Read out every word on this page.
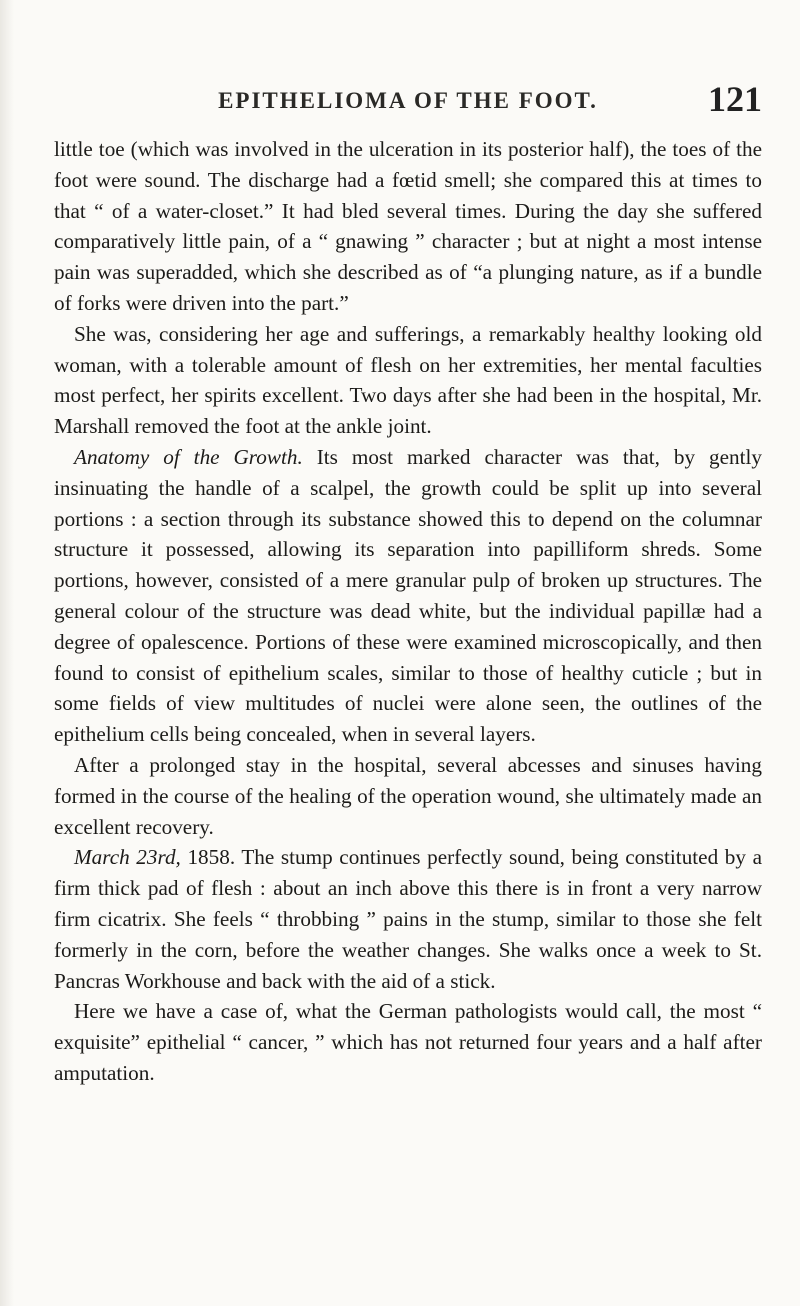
EPITHELIOMA OF THE FOOT.	121

little toe (which was involved in the ulceration in its posterior half), the toes of the foot were sound. The discharge had a fœtid smell; she compared this at times to that “ of a water-closet.” It had bled several times. During the day she suffered comparatively little pain, of a “ gnawing ” character ; but at night a most intense pain was superadded, which she described as of “a plunging nature, as if a bundle of forks were driven into the part.”

She was, considering her age and sufferings, a remarkably healthy looking old woman, with a tolerable amount of flesh on her extremities, her mental faculties most perfect, her spirits excellent. Two days after she had been in the hospital, Mr. Marshall removed the foot at the ankle joint.

Anatomy of the Growth. Its most marked character was that, by gently insinuating the handle of a scalpel, the growth could be split up into several portions : a section through its substance showed this to depend on the columnar structure it possessed, allowing its separation into papilliform shreds. Some portions, however, consisted of a mere granular pulp of broken up structures. The general colour of the structure was dead white, but the individual papillæ had a degree of opalescence. Portions of these were examined microscopically, and then found to consist of epithelium scales, similar to those of healthy cuticle ; but in some fields of view multitudes of nuclei were alone seen, the outlines of the epithelium cells being concealed, when in several layers.

After a prolonged stay in the hospital, several abcesses and sinuses having formed in the course of the healing of the operation wound, she ultimately made an excellent recovery.

March 23rd, 1858. The stump continues perfectly sound, being constituted by a firm thick pad of flesh : about an inch above this there is in front a very narrow firm cicatrix. She feels “ throbbing ” pains in the stump, similar to those she felt formerly in the corn, before the weather changes. She walks once a week to St. Pancras Workhouse and back with the aid of a stick.

Here we have a case of, what the German pathologists would call, the most “ exquisite” epithelial “ cancer, ” which has not returned four years and a half after amputation.
